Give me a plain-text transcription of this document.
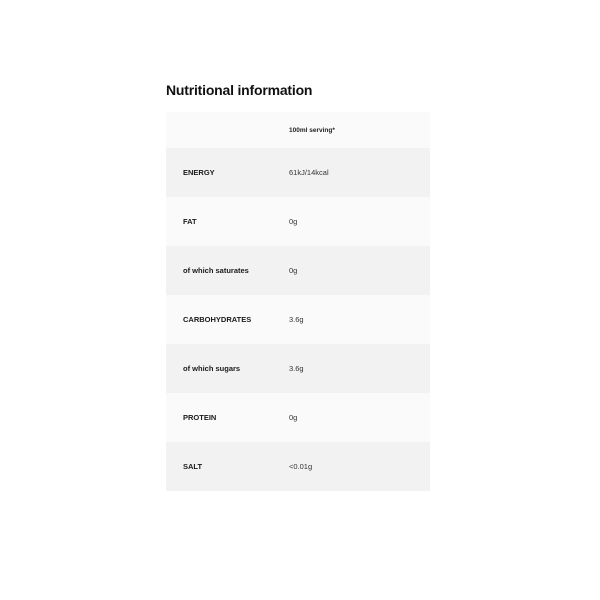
Nutritional information
100ml serving*
ENERGY	61kJ/14kcal
FAT	0g
of which saturates	0g
CARBOHYDRATES	3.6g
of which sugars	3.6g
PROTEIN	0g
SALT	<0.01g
